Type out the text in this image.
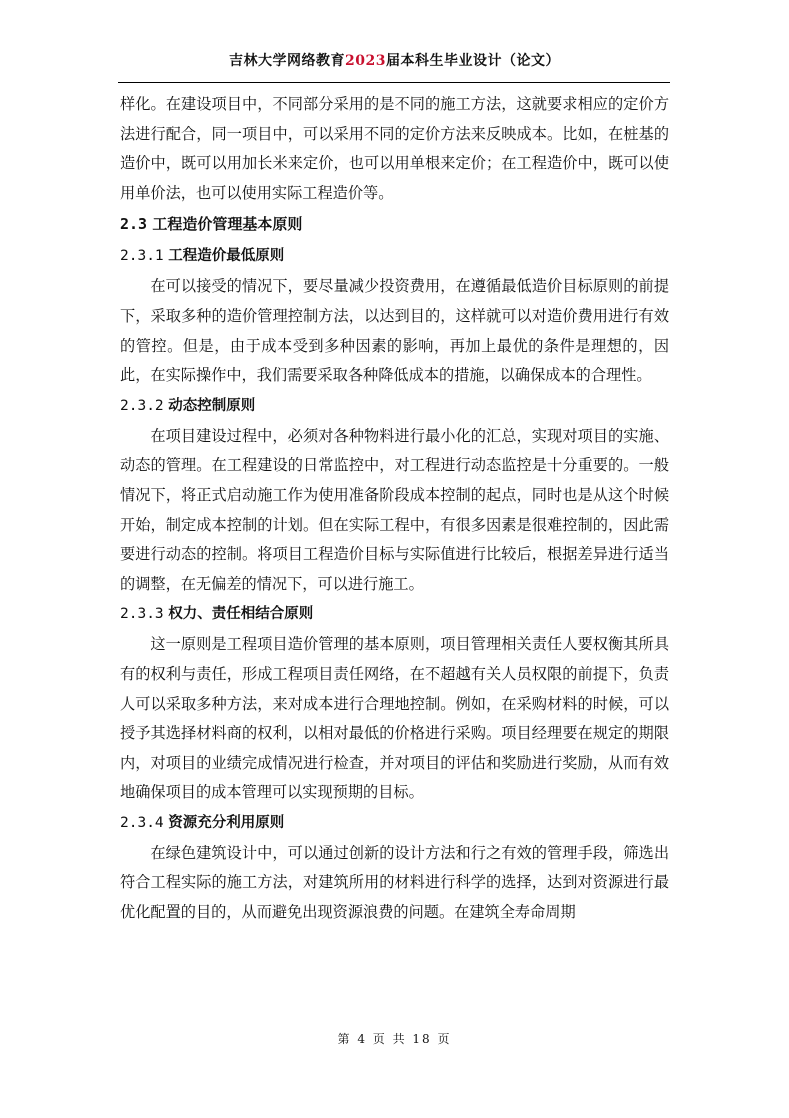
吉林大学网络教育2023届本科生毕业设计（论文）

样化。在建设项目中，不同部分采用的是不同的施工方法，这就要求相应的定价方法进行配合，同一项目中，可以采用不同的定价方法来反映成本。比如，在桩基的造价中，既可以用加长米来定价，也可以用单根来定价；在工程造价中，既可以使用单价法，也可以使用实际工程造价等。

2.3 工程造价管理基本原则
2.3.1 工程造价最低原则

在可以接受的情况下，要尽量减少投资费用，在遵循最低造价目标原则的前提下，采取多种的造价管理控制方法，以达到目的，这样就可以对造价费用进行有效的管控。但是，由于成本受到多种因素的影响，再加上最优的条件是理想的，因此，在实际操作中，我们需要采取各种降低成本的措施，以确保成本的合理性。

2.3.2 动态控制原则

在项目建设过程中，必须对各种物料进行最小化的汇总，实现对项目的实施、动态的管理。在工程建设的日常监控中，对工程进行动态监控是十分重要的。一般情况下，将正式启动施工作为使用准备阶段成本控制的起点，同时也是从这个时候开始，制定成本控制的计划。但在实际工程中，有很多因素是很难控制的，因此需要进行动态的控制。将项目工程造价目标与实际值进行比较后，根据差异进行适当的调整，在无偏差的情况下，可以进行施工。

2.3.3 权力、责任相结合原则

这一原则是工程项目造价管理的基本原则，项目管理相关责任人要权衡其所具有的权利与责任，形成工程项目责任网络，在不超越有关人员权限的前提下，负责人可以采取多种方法，来对成本进行合理地控制。例如，在采购材料的时候，可以授予其选择材料商的权利，以相对最低的价格进行采购。项目经理要在规定的期限内，对项目的业绩完成情况进行检查，并对项目的评估和奖励进行奖励，从而有效地确保项目的成本管理可以实现预期的目标。

2.3.4 资源充分利用原则

在绿色建筑设计中，可以通过创新的设计方法和行之有效的管理手段，筛选出符合工程实际的施工方法，对建筑所用的材料进行科学的选择，达到对资源进行最优化配置的目的，从而避免出现资源浪费的问题。在建筑全寿命周期

第 4 页 共 18 页
